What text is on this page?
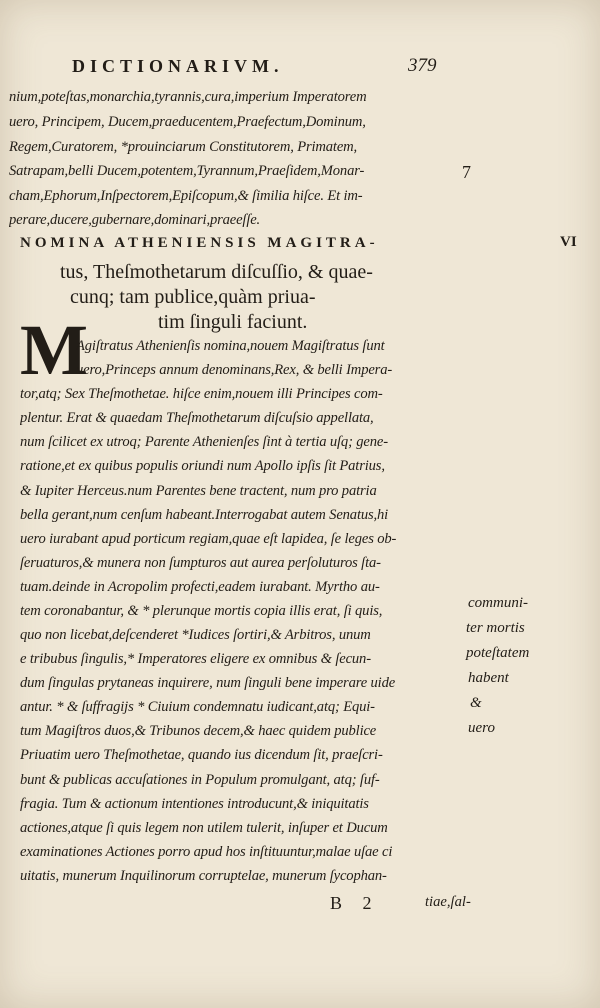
DICTIONARIVM.	379
nium,poteſtas,monarchia,tyrannis,cura,imperium Imperatorem
uero, Principem, Ducem,praeducentem,Praefectum,Dominum,
Regem,Curatorem, *prouinciarum Constitutorem, Primatem,
Satrapam,belli Ducem,potentem,Tyrannum,Praeſidem,Monar-
cham,Ephorum,Inſpectorem,Epiſcopum,& ſimilia hiſce. Et im-
perare,ducere,gubernare,dominari,praeeſſe.
7
NOMINA ATHENIENSIS MAGITRA-	VI
tus, Theſmothetarum diſcuſſio, & quae-
cunq; tam publice,quàm priua-
tim ſinguli faciunt.
M
Agiſtratus Athenienſis nomina,nouem Magiſtratus ſunt
uero,Princeps annum denominans,Rex, & belli Impera-
tor,atq; Sex Theſmothetae. hiſce enim,nouem illi Principes com-
plentur. Erat & quaedam Theſmothetarum diſcuſsio appellata,
num ſcilicet ex utroq; Parente Athenienſes ſint à tertia uſq; gene-
ratione,et ex quibus populis oriundi num Apollo ipſis ſit Patrius,
& Iupiter Herceus.num Parentes bene tractent, num pro patria
bella gerant,num cenſum habeant.Interrogabat autem Senatus,hi
uero iurabant apud porticum regiam,quae eſt lapidea, ſe leges ob-
ſeruaturos,& munera non ſumpturos aut aurea perſoluturos ſta-
tuam.deinde in Acropolim profecti,eadem iurabant. Myrtho au-
tem coronabantur, & * plerunque mortis copia illis erat, ſi quis,
quo non licebat,deſcenderet *Iudices ſortiri,& Arbitros, unum
e tribubus ſingulis,* Imperatores eligere ex omnibus & ſecun-
dum ſingulas prytaneas inquirere, num ſinguli bene imperare uide
antur. * & ſuffragijs * Ciuium condemnatu iudicant,atq; Equi-
tum Magiſtros duos,& Tribunos decem,& haec quidem publice
Priuatim uero Theſmothetae, quando ius dicendum ſit, praeſcri-
bunt & publicas accuſationes in Populum promulgant, atq; ſuf-
fragia. Tum & actionum intentiones introducunt,& iniquitatis
actiones,atque ſi quis legem non utilem tulerit, inſuper et Ducum
examinationes Actiones porro apud hos inſtituuntur,malae uſae ci
uitatis, munerum Inquilinorum corruptelae, munerum ſycophan-
communi-
ter mortis
poteſtatem
habent
&
uero
B 2	tiae,ſal-
